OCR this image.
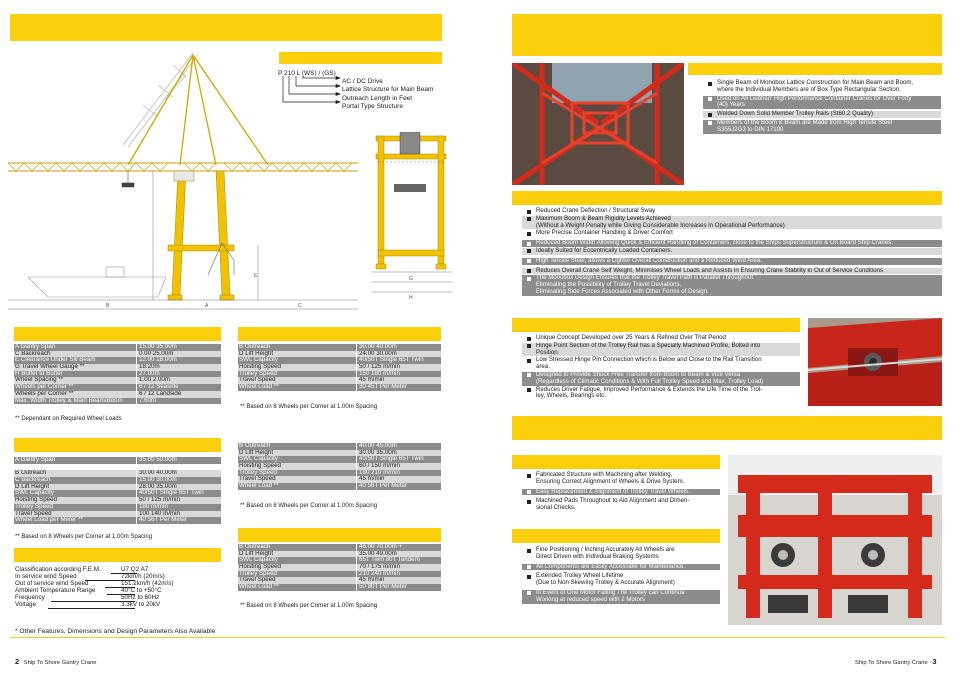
P 210 L (WS) / (GS)
AC / DC Drive
Lattice Structure for Main Beam
Outreach Length in Feet
Portal Type Structure
B	A	C
E	G
H
A Gantry Span	15.00 35.00m
C Backreach	0.00 25.00m
E Clearance Under Sill Beam	12.00 18.00m
G Travel Wheel Gauge **	18.20m
H Buffer to Buffer	27.00m
Wheel Spacing **	1.00 2.00m
Wheels per Corner **	6 / 12 Seaside
Wheels per Corner **	6 / 12 Landside
Max. Width Trolley & Main Beam/Boom	7.60m
** Dependant on Required Wheel Loads
B Outreach	30.00 40.00m
D Lift Height	24.00 30.00m
SWL Capacity	40/50T Single 65T Twin
Hoisting Speed	50 / 125 m/min
Trolley Speed	150 180 m/min
Travel Speed	45 m/min
Wheel Load **	30 45T Per Meter
** Based on 8 Wheels per Corner at 1.00m Spacing
B Outreach	40.00 45.00m
D Lift Height	30.00 35.00m
SWL Capacity	40/50T Single 65T Twin
Hoisting Speed	60 / 150 m/min
Trolley Speed	180 210 m/min
Travel Speed	45 m/min
Wheel Load **	40 56T Per Meter
** Based on 8 Wheels per Corner at 1.00m Spacing
A Gantry Span	35.00 50.00m
B Outreach	30.00 40.00m
C Backreach	15.00 30.00m
D Lift Height	28.00 35.00m
SWL Capacity	40/50T Single 65T Twin
Hoisting Speed	50 / 125 m/min
Trolley Speed	180 m/min
Travel Speed	100 140 m/min
Wheel Load per Meter **	40 56T Per Meter
** Based on 8 Wheels per Corner at 1.00m Spacing
B Outreach	46.00 70.00m +
D Lift Height	35.00 49.00m
SWL Capacity	65T Twin 80T Tandem
Hoisting Speed	70 / 175 m/min
Trolley Speed	210 240 m/min
Travel Speed	45 m/min
Wheel Load **	50 80T Per Meter
** Based on 8 Wheels per Corner at 1.00m Spacing
Classification according F.E.M.	U7 Q2 A7
In service wind Speed	72km/h (20m/s)
Out of service wind Speed	151.2km/h (42m/s)
Ambient Temperature Range	40°C to +50°C
Frequency	50Hz to 60Hz
Voltage	3.3kV to 20kV
* Other Features, Dimensions and Design Parameters Also Available
2 Ship To Shore Gantry Crane
Single Beam of Monobox Lattice Construction for Main Beam and Boom,
where the Individual Members are of Box Type Rectangular Section.
Used on All Liebherr High Performance Container Cranes for Over Forty
(40) Years
Welded Down Solid Member Trolley Rails (St60.2 Quality)
Members of the Boom & Beam are Made from High Tensile Steel
S355J2G3 to DIN 17100
Reduced Crane Deflection / Structural Sway
Maximum Boom & Beam Rigidity Levels Achieved
(Without a Weight Penalty while Giving Considerable Increases in Operational Performance)
More Precise Container Handling & Driver Comfort
Reduced Boom Width Allowing Quick & Efficient Handling of Containers, close to the Ships Superstructure & On Board Ship Cranes.
Ideally Suited for Eccentrically Loaded Containers.
High Tensile Steel, allows a Lighter Overall Construction and a Reduced Wind Area.
Reduces Overall Crane Self Weight, Minimises Wheel Loads and Assists in Ensuring Crane Stability in Out of Service Conditions
The Monobox Design Ensures that the Trolley Travel Path is Parallel Throughout
Eliminating the Possibility of Trolley Travel Deviations.
Eliminating Side Forces Associated with Other Forms of Design.
Unique Concept Developed over 25 Years & Refined Over That Period
Hinge Point Section of the Trolley Rail has a Specially Machined Profile, Bolted into
Position.
Low Stressed Hinge Pin Connection which is Below and Close to the Rail Transition
area.
Designed to Provide Shock Free Transfer from Boom to Beam & Vice Versa
(Regardless of Climatic Conditions & With Full Trolley Speed and Max. Trolley Load)
Reduces Driver Fatigue, Improved Performance & Extends the Life Time of the Trol-
ley, Wheels, Bearings etc.
Fabricated Structure with Machining after Welding,
Ensuring Correct Alignment of Wheels & Drive System.
Easy Replacement & Alignment of Trolley Travel Wheels.
Machined Pads Throughout to Aid Alignment and Dimen-
sional Checks.
Fine Positioning / Inching Accurately All Wheels are
Direct Driven with Individual Braking Systems
All Components are Easily Accessible for Maintenance.
Extended Trolley Wheel Lifetime
(Due to Non Skewing Trolley & Accurate Alignment)
In Event of One Motor Failing The Trolley can Continue
Working at reduced speed with 2 Motors
Ship To Shore Gantry Crane 3
